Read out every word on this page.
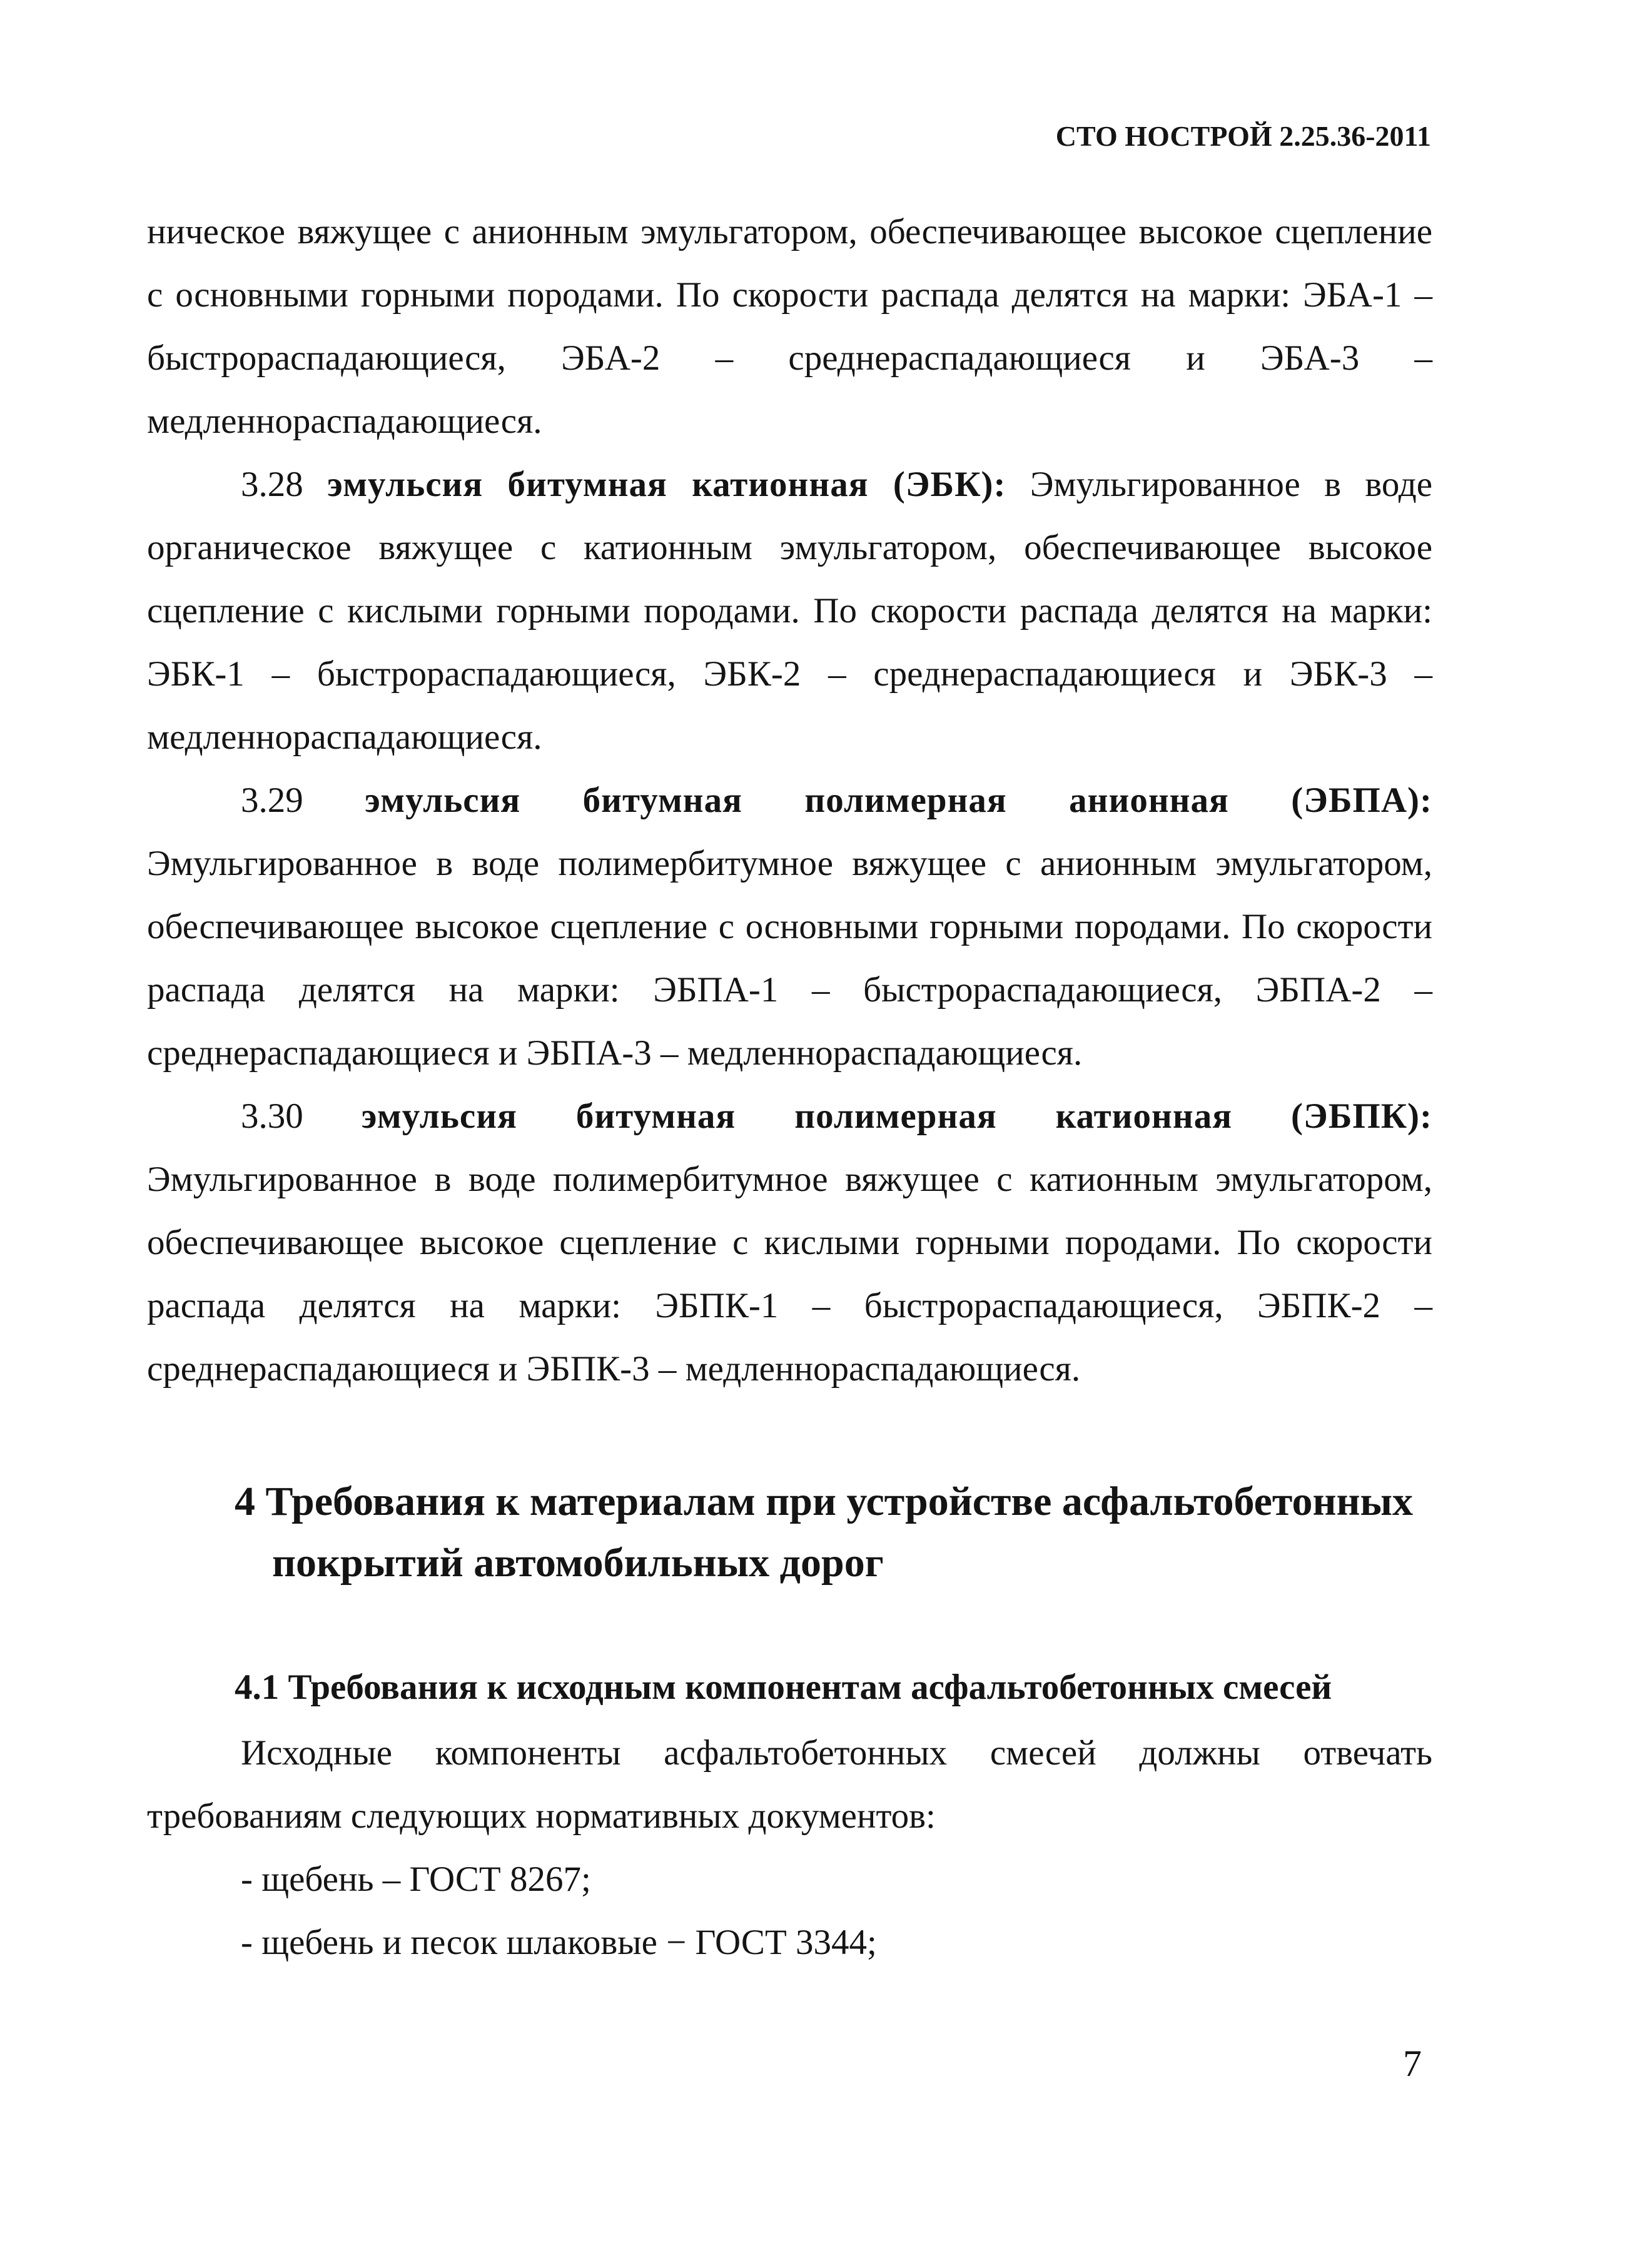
СТО НОСТРОЙ 2.25.36-2011

ническое вяжущее с анионным эмульгатором, обеспечивающее высокое сцепление с основными горными породами. По скорости распада делятся на марки: ЭБА-1 – быстрораспадающиеся, ЭБА-2 – среднераспадающиеся и ЭБА-3 – медленнораспадающиеся.

3.28 эмульсия битумная катионная (ЭБК): Эмульгированное в воде органическое вяжущее с катионным эмульгатором, обеспечивающее высокое сцепление с кислыми горными породами. По скорости распада делятся на марки: ЭБК-1 – быстрораспадающиеся, ЭБК-2 – среднераспадающиеся и ЭБК-3 – медленнораспадающиеся.

3.29 эмульсия битумная полимерная анионная (ЭБПА): Эмульгированное в воде полимербитумное вяжущее с анионным эмульгатором, обеспечивающее высокое сцепление с основными горными породами. По скорости распада делятся на марки: ЭБПА-1 – быстрораспадающиеся, ЭБПА-2 – среднераспадающиеся и ЭБПА-3 – медленнораспадающиеся.

3.30 эмульсия битумная полимерная катионная (ЭБПК): Эмульгированное в воде полимербитумное вяжущее с катионным эмульгатором, обеспечивающее высокое сцепление с кислыми горными породами. По скорости распада делятся на марки: ЭБПК-1 – быстрораспадающиеся, ЭБПК-2 – среднераспадающиеся и ЭБПК-3 – медленнораспадающиеся.

4 Требования к материалам при устройстве асфальтобетонных
покрытий автомобильных дорог
4.1 Требования к исходным компонентам асфальтобетонных смесей

Исходные компоненты асфальтобетонных смесей должны отвечать требованиям следующих нормативных документов:

- щебень – ГОСТ 8267;

- щебень и песок шлаковые − ГОСТ 3344;

7
